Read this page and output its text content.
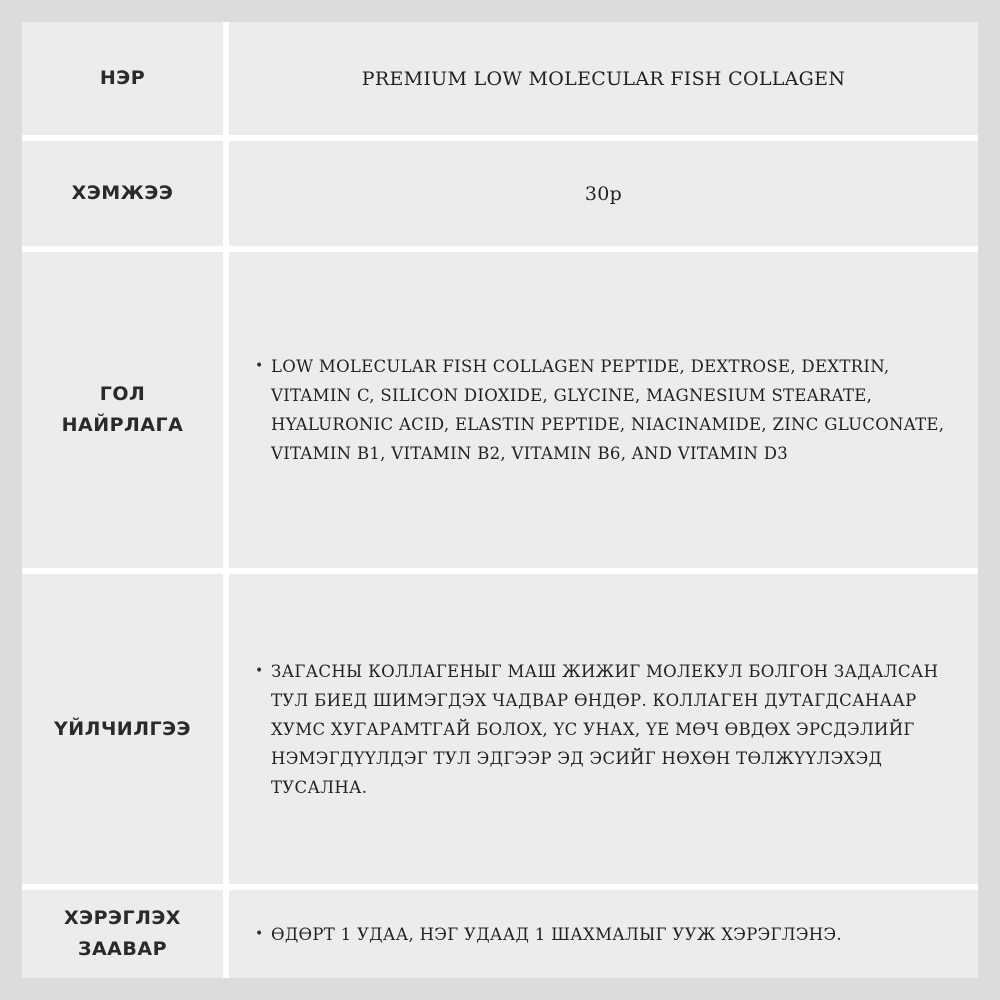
НЭР	PREMIUM LOW MOLECULAR FISH COLLAGEN
ХЭМЖЭЭ	30р
ГОЛ
НАЙРЛАГА
• LOW MOLECULAR FISH COLLAGEN PEPTIDE, DEXTROSE, DEXTRIN, VITAMIN C, SILICON DIOXIDE, GLYCINE, MAGNESIUM STEARATE, HYALURONIC ACID, ELASTIN PEPTIDE, NIACINAMIDE, ZINC GLUCONATE, VITAMIN B1, VITAMIN B2, VITAMIN B6, AND VITAMIN D3
ҮЙЛЧИЛГЭЭ
• ЗАГАСНЫ КОЛЛАГЕНЫГ МАШ ЖИЖИГ МОЛЕКУЛ БОЛГОН ЗАДАЛСАН ТУЛ БИЕД ШИМЭГДЭХ ЧАДВАР ӨНДӨР. КОЛЛАГЕН ДУТАГДСАНААР ХУМС ХУГАРАМТГАЙ БОЛОХ, ҮС УНАХ, ҮЕ МӨЧ ӨВДӨХ ЭРСДЭЛИЙГ НЭМЭГДҮҮЛДЭГ ТУЛ ЭДГЭЭР ЭД ЭСИЙГ НӨХӨН ТӨЛЖҮҮЛЭХЭД ТУСАЛНА.
ХЭРЭГЛЭХ
ЗААВАР
• ӨДӨРТ 1 УДАА, НЭГ УДААД 1 ШАХМАЛЫГ УУЖ ХЭРЭГЛЭНЭ.
